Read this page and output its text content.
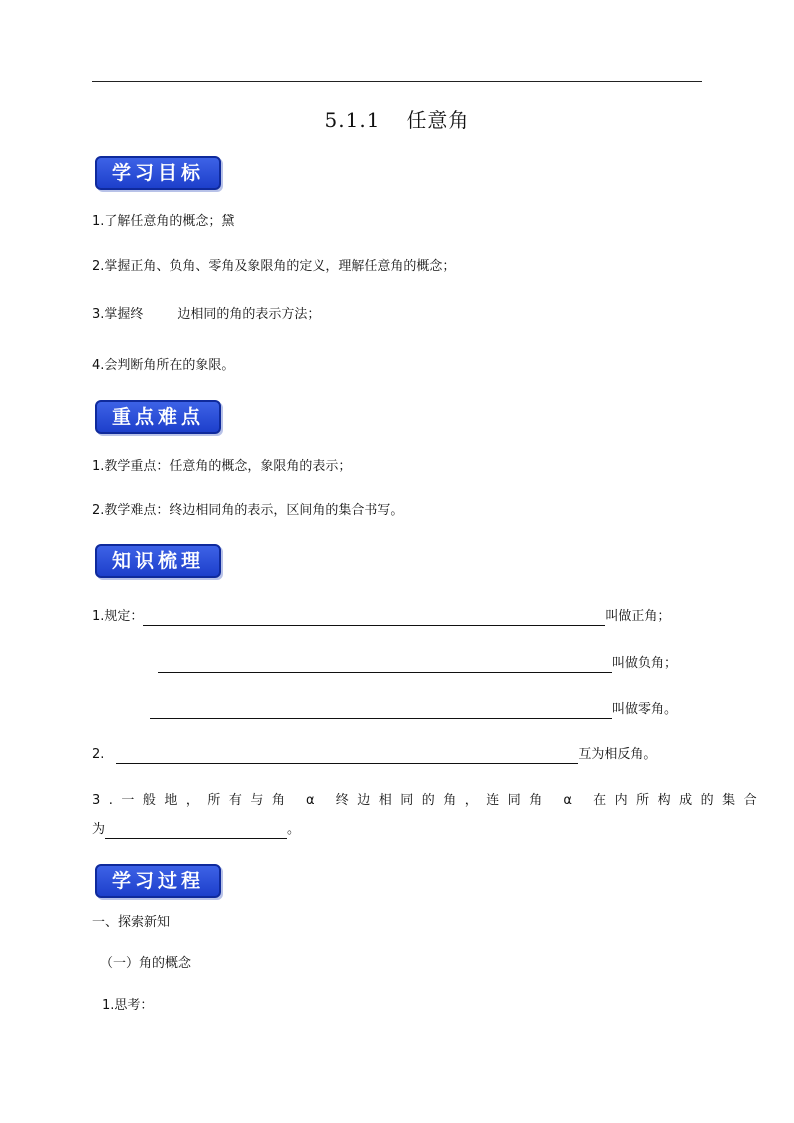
5.1.1 任意角
学习目标
1.了解任意角的概念；黛
2.掌握正角、负角、零角及象限角的定义，理解任意角的概念；
3.掌握终	边相同的角的表示方法；
4.会判断角所在的象限。
重点难点
1.教学重点：任意角的概念，象限角的表示；
2.教学难点：终边相同角的表示，区间角的集合书写。
知识梳理
1.规定：	叫做正角；
叫做负角；
叫做零角。
2.	互为相反角。
3.一般地，所有与角 α 终边相同的角，连同角 α 在内所构成的集合
为	。
学习过程
一、探索新知
（一）角的概念
1.思考：
